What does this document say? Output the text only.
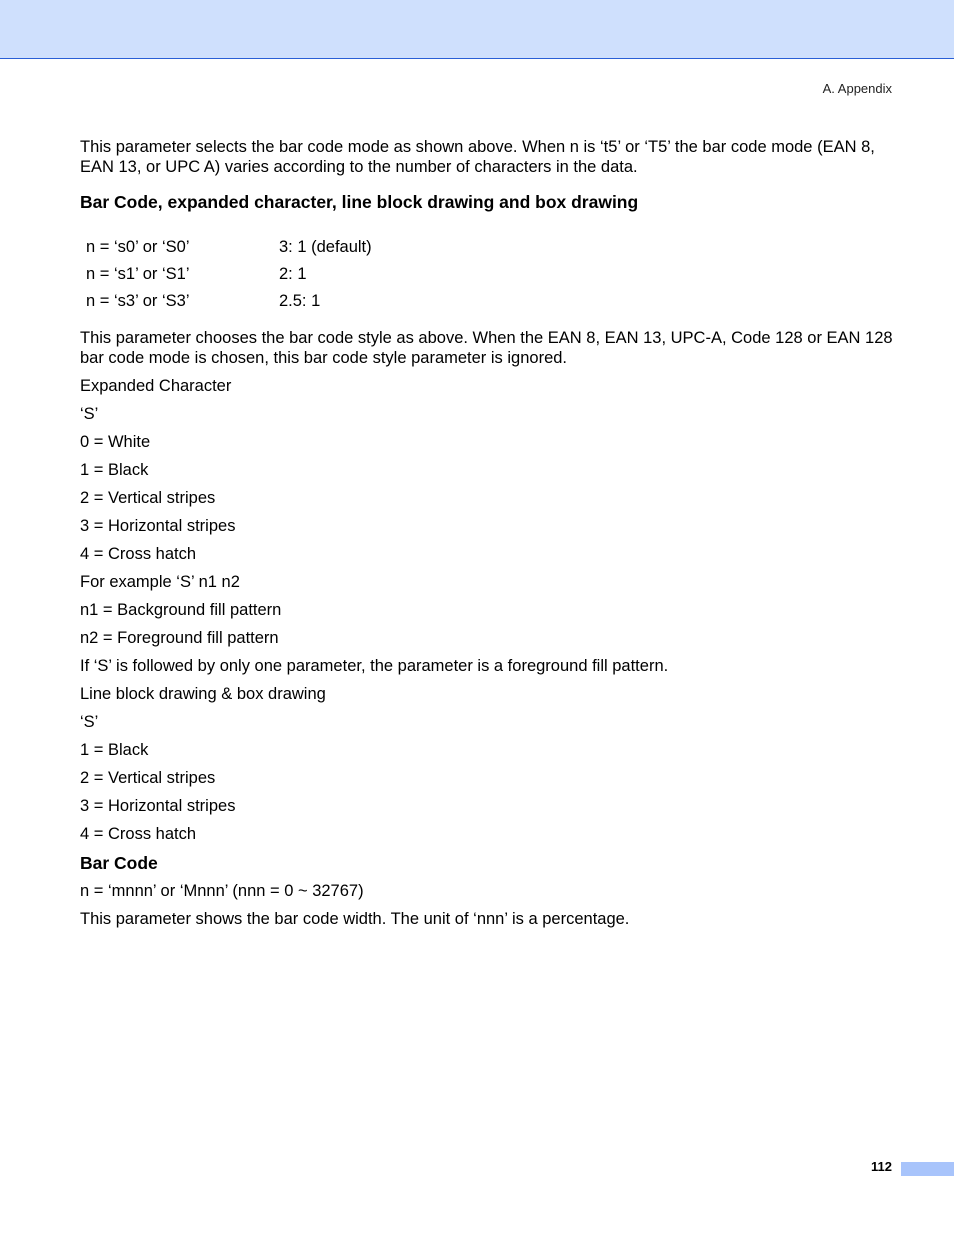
A. Appendix

This parameter selects the bar code mode as shown above. When n is ‘t5’ or ‘T5’ the bar code mode (EAN 8, EAN 13, or UPC A) varies according to the number of characters in the data.

Bar Code, expanded character, line block drawing and box drawing
n = ‘s0’ or ‘S0’	3: 1 (default)
n = ‘s1’ or ‘S1’	2: 1
n = ‘s3’ or ‘S3’	2.5: 1

This parameter chooses the bar code style as above. When the EAN 8, EAN 13, UPC-A, Code 128 or EAN 128 bar code mode is chosen, this bar code style parameter is ignored.

Expanded Character

‘S’

0 = White

1 = Black

2 = Vertical stripes

3 = Horizontal stripes

4 = Cross hatch

For example ‘S’ n1 n2

n1 = Background fill pattern

n2 = Foreground fill pattern

If ‘S’ is followed by only one parameter, the parameter is a foreground fill pattern.

Line block drawing & box drawing

‘S’

1 = Black

2 = Vertical stripes

3 = Horizontal stripes

4 = Cross hatch

Bar Code

n = ‘mnnn’ or ‘Mnnn’ (nnn = 0 ~ 32767)

This parameter shows the bar code width. The unit of ‘nnn’ is a percentage.

112
